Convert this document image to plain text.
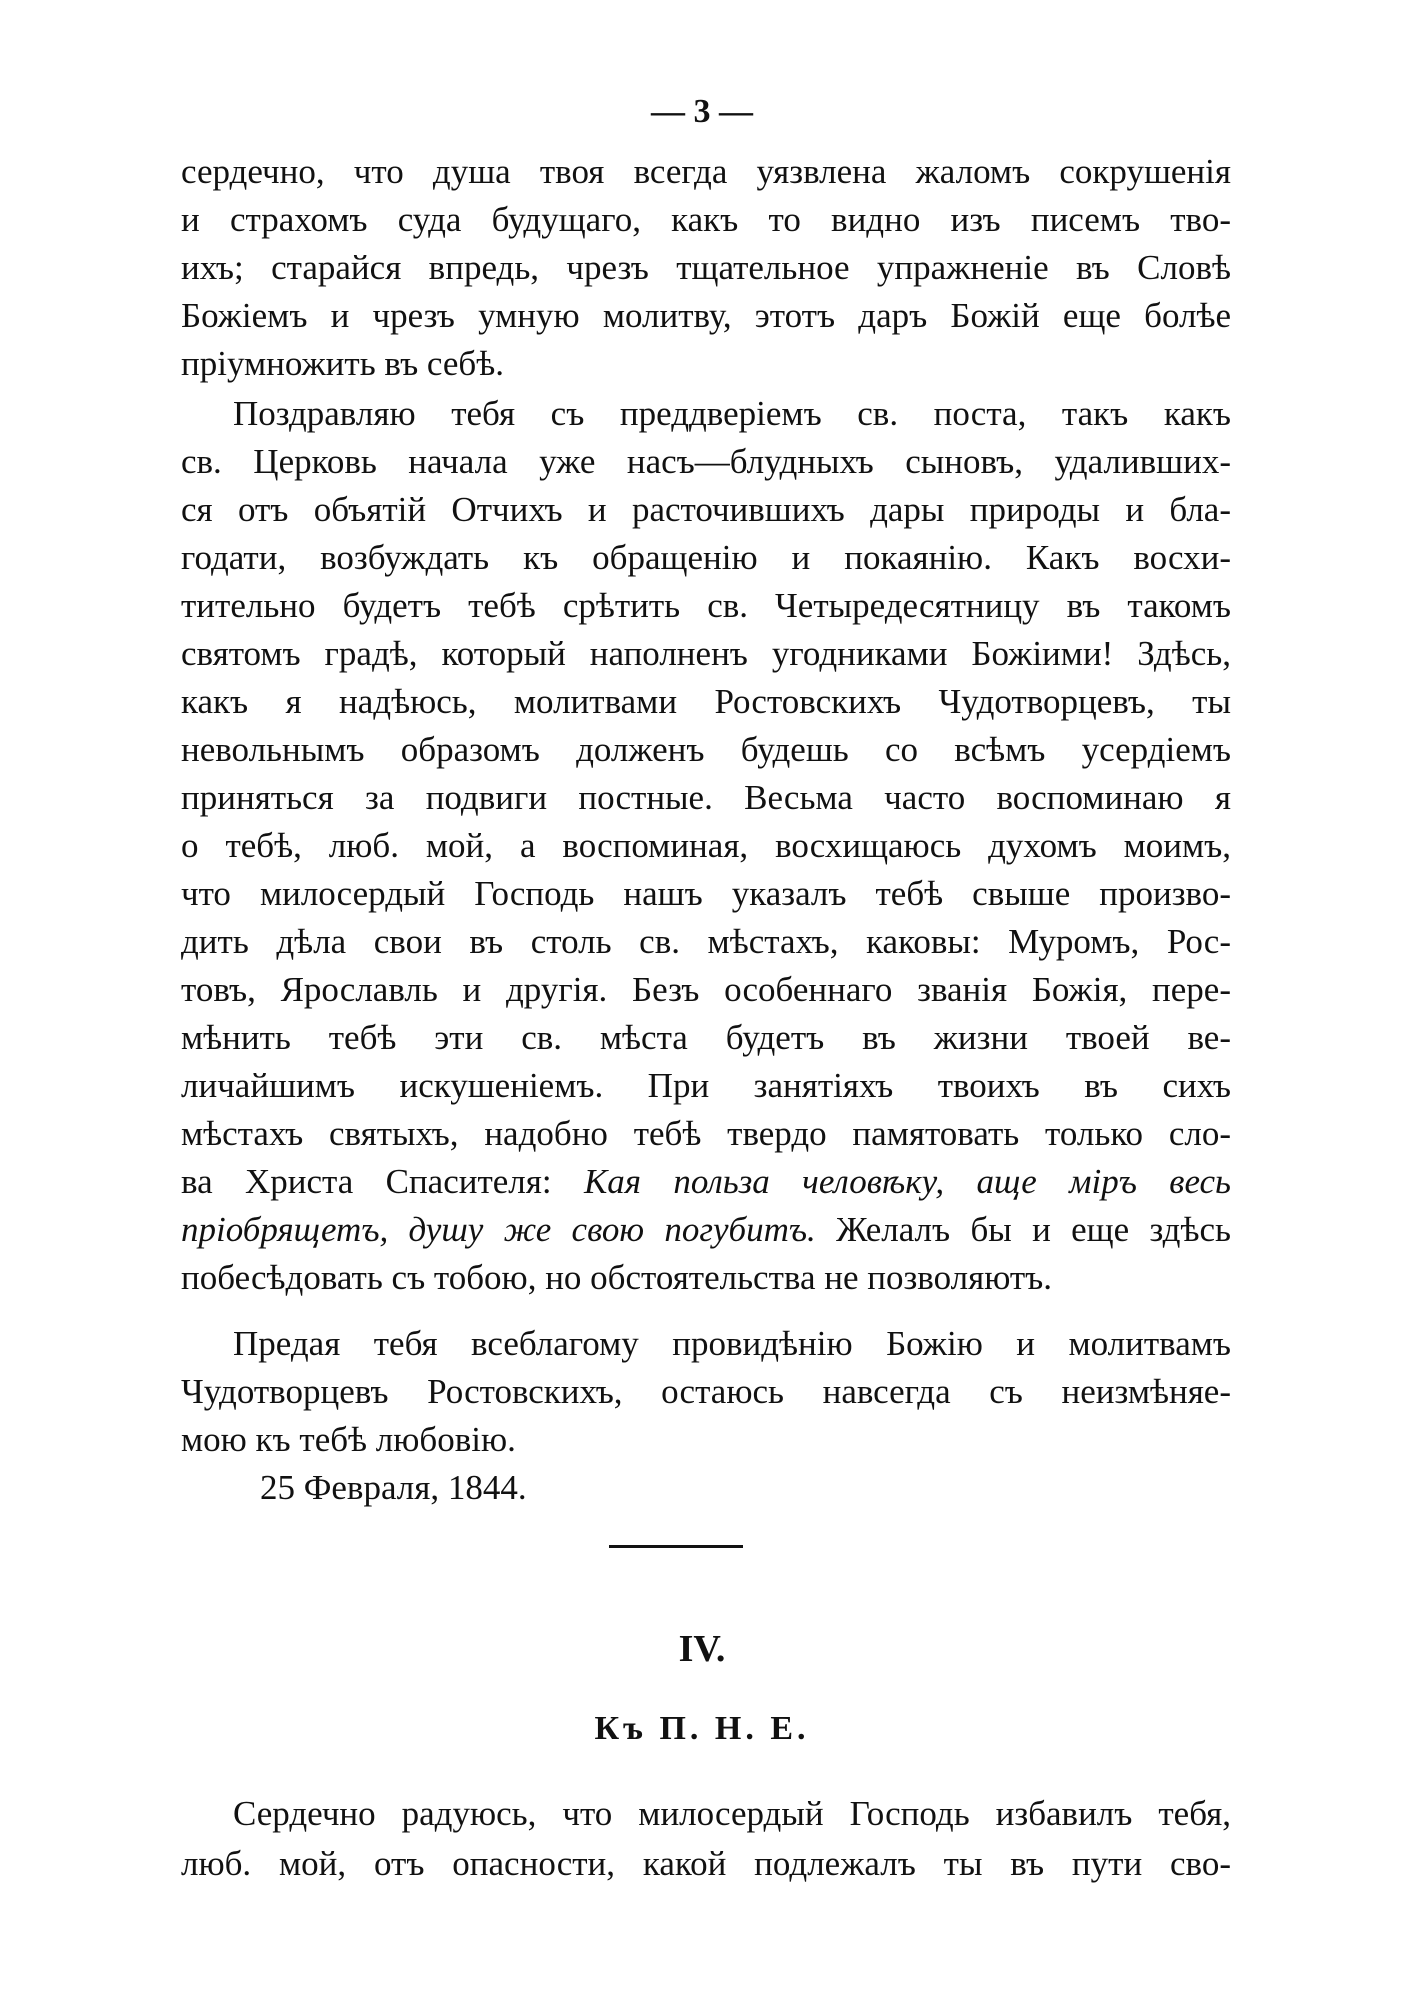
— 3 —
сердечно, что душа твоя всегда уязвлена жаломъ сокрушенія
и страхомъ суда будущаго, какъ то видно изъ писемъ тво-
ихъ; старайся впредь, чрезъ тщательное упражненіе въ Словѣ
Божіемъ и чрезъ умную молитву, этотъ даръ Божій еще болѣе
пріумножить въ себѣ.
Поздравляю тебя съ преддверіемъ св. поста, такъ какъ
св. Церковь начала уже насъ—блудныхъ сыновъ, удаливших-
ся отъ объятій Отчихъ и расточившихъ дары природы и бла-
годати, возбуждать къ обращенію и покаянію. Какъ восхи-
тительно будетъ тебѣ срѣтить св. Четыредесятницу въ такомъ
святомъ градѣ, который наполненъ угодниками Божіими! Здѣсь,
какъ я надѣюсь, молитвами Ростовскихъ Чудотворцевъ, ты
невольнымъ образомъ долженъ будешь со всѣмъ усердіемъ
приняться за подвиги постные. Весьма часто воспоминаю я
о тебѣ, люб. мой, а воспоминая, восхищаюсь духомъ моимъ,
что милосердый Господь нашъ указалъ тебѣ свыше произво-
дить дѣла свои въ столь св. мѣстахъ, каковы: Муромъ, Рос-
товъ, Ярославль и другія. Безъ особеннаго званія Божія, пере-
мѣнить тебѣ эти св. мѣста будетъ въ жизни твоей ве-
личайшимъ искушеніемъ. При занятіяхъ твоихъ въ сихъ
мѣстахъ святыхъ, надобно тебѣ твердо памятовать только сло-
ва Христа Спасителя: Кая польза человѣку, аще міръ весь
пріобрящетъ, душу же свою погубитъ. Желалъ бы и еще здѣсь
побесѣдовать съ тобою, но обстоятельства не позволяютъ.
Предая тебя всеблагому провидѣнію Божію и молитвамъ
Чудотворцевъ Ростовскихъ, остаюсь навсегда съ неизмѣняе-
мою къ тебѣ любовію.
25 Февраля, 1844.
IV.
Къ П. Н. Е.
Сердечно радуюсь, что милосердый Господь избавилъ тебя,
люб. мой, отъ опасности, какой подлежалъ ты въ пути сво-
